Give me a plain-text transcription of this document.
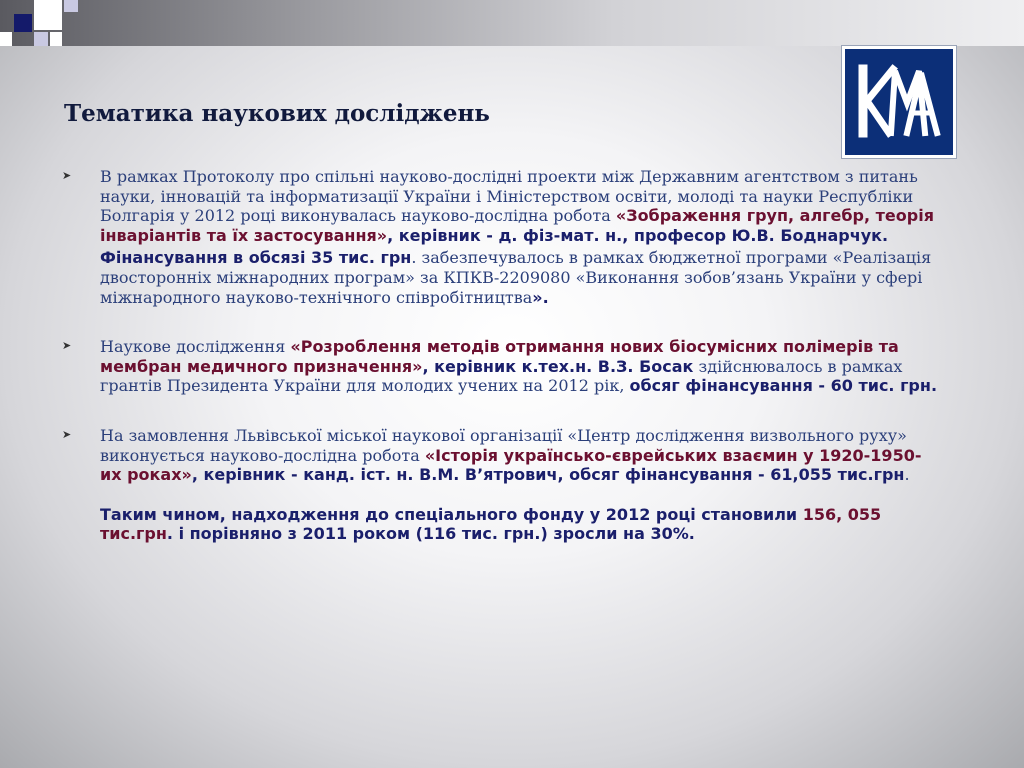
Тематика наукових досліджень
➤ В рамках Протоколу про спільні науково-дослідні проекти між Державним агентством з питань науки, інновацій та інформатизації України і Міністерством освіти, молоді та науки Республіки Болгарія у 2012 році виконувалась науково-дослідна робота «Зображення груп, алгебр, теорія інваріантів та їх застосування», керівник - д. фіз-мат. н., професор Ю.В. Боднарчук.

Фінансування в обсязі 35 тис. грн. забезпечувалось в рамках бюджетної програми «Реалізація двосторонніх міжнародних програм» за КПКВ-2209080 «Виконання зобов’язань України у сфері міжнародного науково-технічного співробітництва».

➤ Наукове дослідження «Розроблення методів отримання нових біосумісних полімерів та мембран медичного призначення», керівник к.тех.н. В.З. Босак здійснювалось в рамках грантів Президента України для молодих учених на 2012 рік, обсяг фінансування - 60 тис. грн.

➤ На замовлення Львівської міської наукової організації «Центр дослідження визвольного руху» виконується науково-дослідна робота «Історія українсько-єврейських взаємин у 1920-1950-их роках», керівник - канд. іст. н. В.М. В’ятрович, обсяг фінансування - 61,055 тис.грн.

Таким чином, надходження до спеціального фонду у 2012 році становили 156, 055 тис.грн. і порівняно з 2011 роком (116 тис. грн.) зросли на 30%.
